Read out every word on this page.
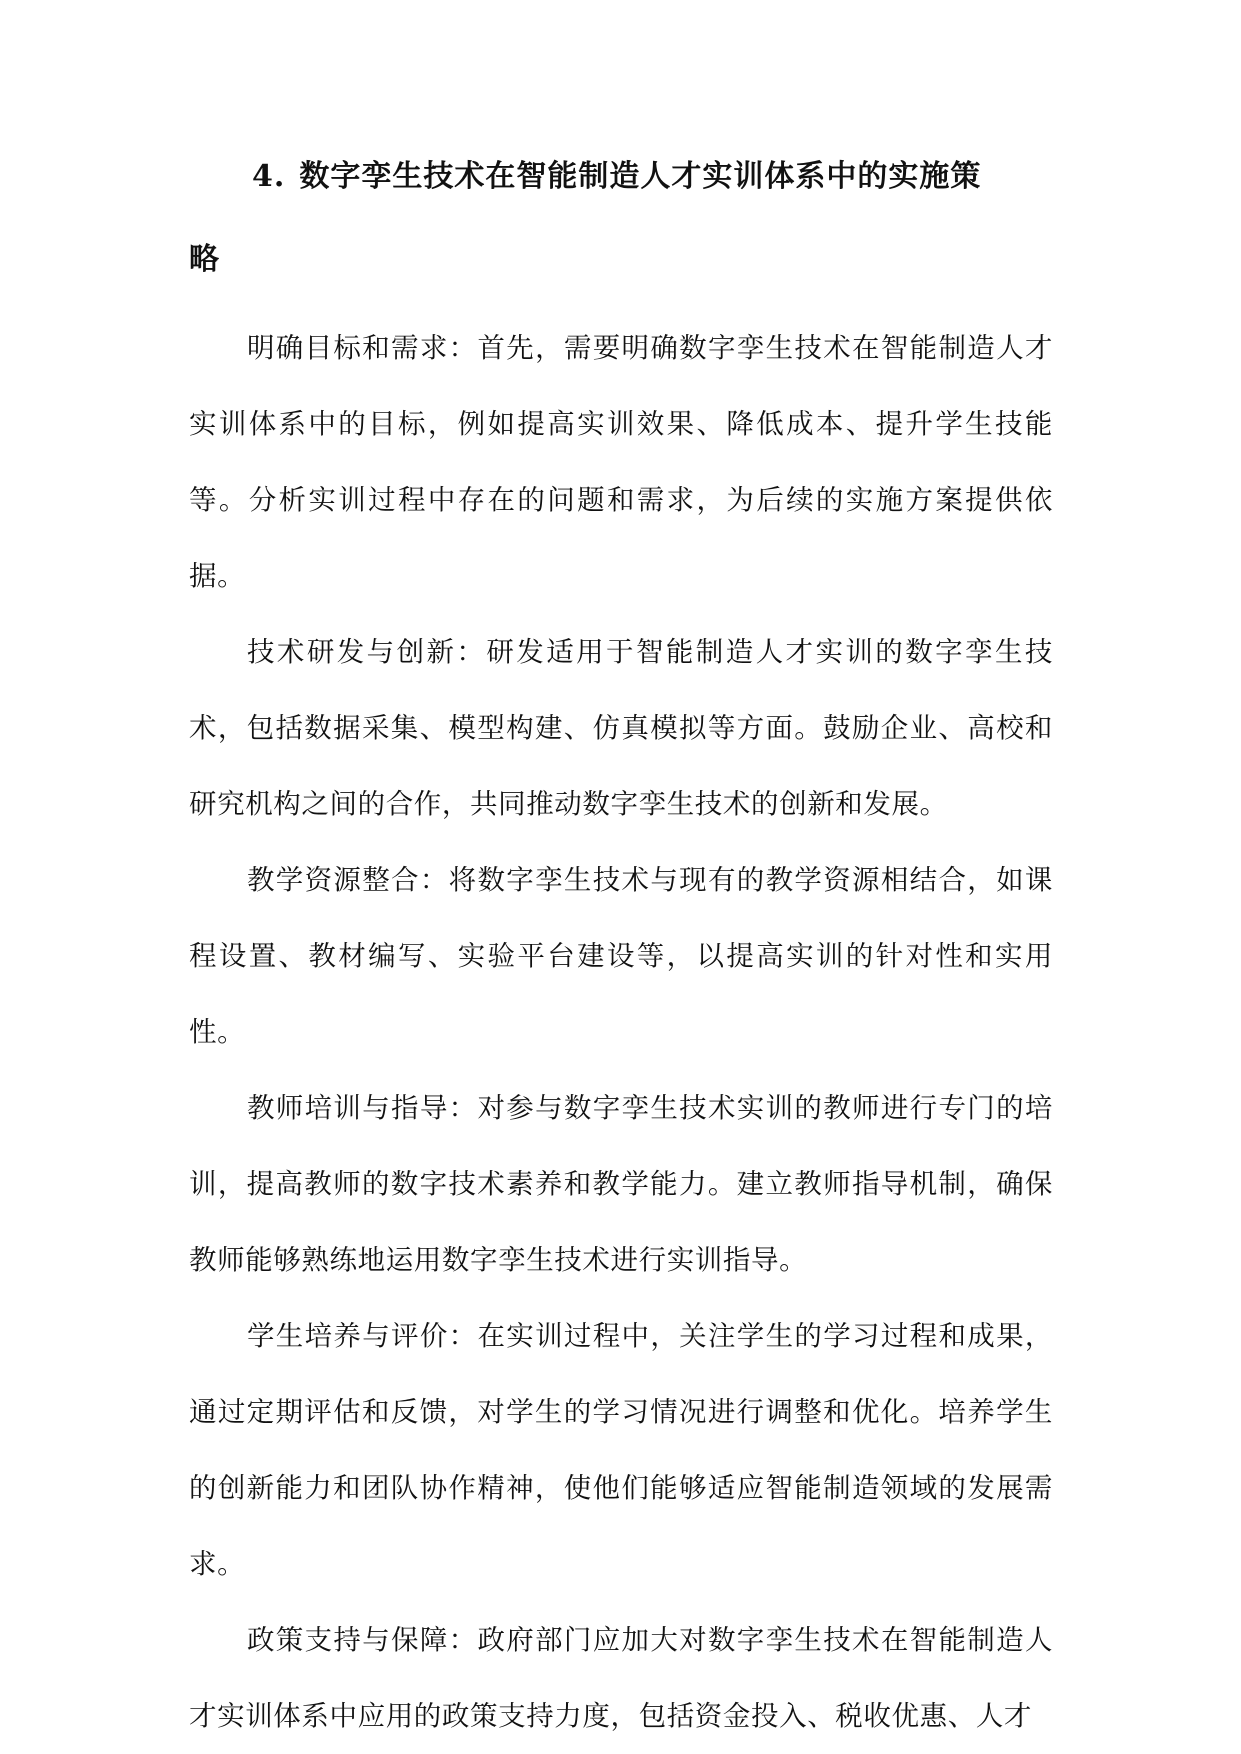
4. 数字孪生技术在智能制造人才实训体系中的实施策
略

明确目标和需求：首先，需要明确数字孪生技术在智能制造人才实训体系中的目标，例如提高实训效果、降低成本、提升学生技能等。分析实训过程中存在的问题和需求，为后续的实施方案提供依据。

技术研发与创新：研发适用于智能制造人才实训的数字孪生技术，包括数据采集、模型构建、仿真模拟等方面。鼓励企业、高校和研究机构之间的合作，共同推动数字孪生技术的创新和发展。

教学资源整合：将数字孪生技术与现有的教学资源相结合，如课程设置、教材编写、实验平台建设等，以提高实训的针对性和实用性。

教师培训与指导：对参与数字孪生技术实训的教师进行专门的培训，提高教师的数字技术素养和教学能力。建立教师指导机制，确保教师能够熟练地运用数字孪生技术进行实训指导。

学生培养与评价：在实训过程中，关注学生的学习过程和成果，通过定期评估和反馈，对学生的学习情况进行调整和优化。培养学生的创新能力和团队协作精神，使他们能够适应智能制造领域的发展需求。

政策支持与保障：政府部门应加大对数字孪生技术在智能制造人才实训体系中应用的政策支持力度，包括资金投入、税收优惠、人才
